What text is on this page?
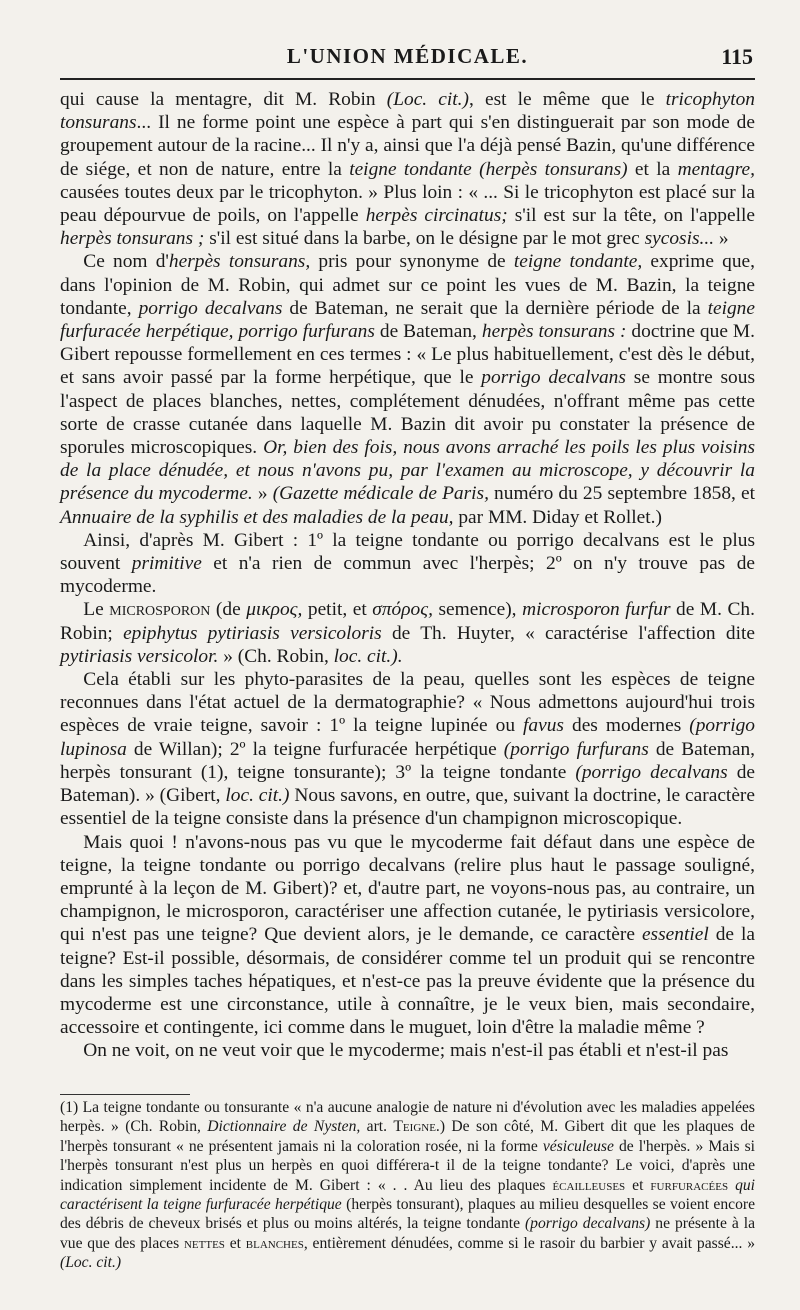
L'UNION MÉDICALE.	115

qui cause la mentagre, dit M. Robin (Loc. cit.), est le même que le tricophyton tonsurans... Il ne forme point une espèce à part qui s'en distinguerait par son mode de groupement autour de la racine... Il n'y a, ainsi que l'a déjà pensé Bazin, qu'une différence de siége, et non de nature, entre la teigne tondante (herpès tonsurans) et la mentagre, causées toutes deux par le tricophyton. » Plus loin : « ... Si le tricophyton est placé sur la peau dépourvue de poils, on l'appelle herpès circinatus; s'il est sur la tête, on l'appelle herpès tonsurans ; s'il est situé dans la barbe, on le désigne par le mot grec sycosis... »

Ce nom d'herpès tonsurans, pris pour synonyme de teigne tondante, exprime que, dans l'opinion de M. Robin, qui admet sur ce point les vues de M. Bazin, la teigne tondante, porrigo decalvans de Bateman, ne serait que la dernière période de la teigne furfuracée herpétique, porrigo furfurans de Bateman, herpès tonsurans : doctrine que M. Gibert repousse formellement en ces termes : « Le plus habituellement, c'est dès le début, et sans avoir passé par la forme herpétique, que le porrigo decalvans se montre sous l'aspect de places blanches, nettes, complétement dénudées, n'offrant même pas cette sorte de crasse cutanée dans laquelle M. Bazin dit avoir pu constater la présence de sporules microscopiques. Or, bien des fois, nous avons arraché les poils les plus voisins de la place dénudée, et nous n'avons pu, par l'examen au microscope, y découvrir la présence du mycoderme. » (Gazette médicale de Paris, numéro du 25 septembre 1858, et Annuaire de la syphilis et des maladies de la peau, par MM. Diday et Rollet.)

Ainsi, d'après M. Gibert : 1º la teigne tondante ou porrigo decalvans est le plus souvent primitive et n'a rien de commun avec l'herpès; 2º on n'y trouve pas de mycoderme.

Le microsporon (de μικρος, petit, et σπόρος, semence), microsporon furfur de M. Ch. Robin; epiphytus pytiriasis versicoloris de Th. Huyter, « caractérise l'affection dite pytiriasis versicolor. » (Ch. Robin, loc. cit.).

Cela établi sur les phyto-parasites de la peau, quelles sont les espèces de teigne reconnues dans l'état actuel de la dermatographie? « Nous admettons aujourd'hui trois espèces de vraie teigne, savoir : 1º la teigne lupinée ou favus des modernes (porrigo lupinosa de Willan); 2º la teigne furfuracée herpétique (porrigo furfurans de Bateman, herpès tonsurant (1), teigne tonsurante); 3º la teigne tondante (porrigo decalvans de Bateman). » (Gibert, loc. cit.) Nous savons, en outre, que, suivant la doctrine, le caractère essentiel de la teigne consiste dans la présence d'un champignon microscopique.

Mais quoi ! n'avons-nous pas vu que le mycoderme fait défaut dans une espèce de teigne, la teigne tondante ou porrigo decalvans (relire plus haut le passage souligné, emprunté à la leçon de M. Gibert)? et, d'autre part, ne voyons-nous pas, au contraire, un champignon, le microsporon, caractériser une affection cutanée, le pytiriasis versicolore, qui n'est pas une teigne? Que devient alors, je le demande, ce caractère essentiel de la teigne? Est-il possible, désormais, de considérer comme tel un produit qui se rencontre dans les simples taches hépatiques, et n'est-ce pas la preuve évidente que la présence du mycoderme est une circonstance, utile à connaître, je le veux bien, mais secondaire, accessoire et contingente, ici comme dans le muguet, loin d'être la maladie même ?

On ne voit, on ne veut voir que le mycoderme; mais n'est-il pas établi et n'est-il pas

(1) La teigne tondante ou tonsurante « n'a aucune analogie de nature ni d'évolution avec les maladies appelées herpès. » (Ch. Robin, Dictionnaire de Nysten, art. Teigne.) De son côté, M. Gibert dit que les plaques de l'herpès tonsurant « ne présentent jamais ni la coloration rosée, ni la forme vésiculeuse de l'herpès. » Mais si l'herpès tonsurant n'est plus un herpès en quoi différera-t il de la teigne tondante? Le voici, d'après une indication simplement incidente de M. Gibert : « . . Au lieu des plaques écailleuses et furfuracées qui caractérisent la teigne furfuracée herpétique (herpès tonsurant), plaques au milieu desquelles se voient encore des débris de cheveux brisés et plus ou moins altérés, la teigne tondante (porrigo decalvans) ne présente à la vue que des places nettes et blanches, entièrement dénudées, comme si le rasoir du barbier y avait passé... » (Loc. cit.)
